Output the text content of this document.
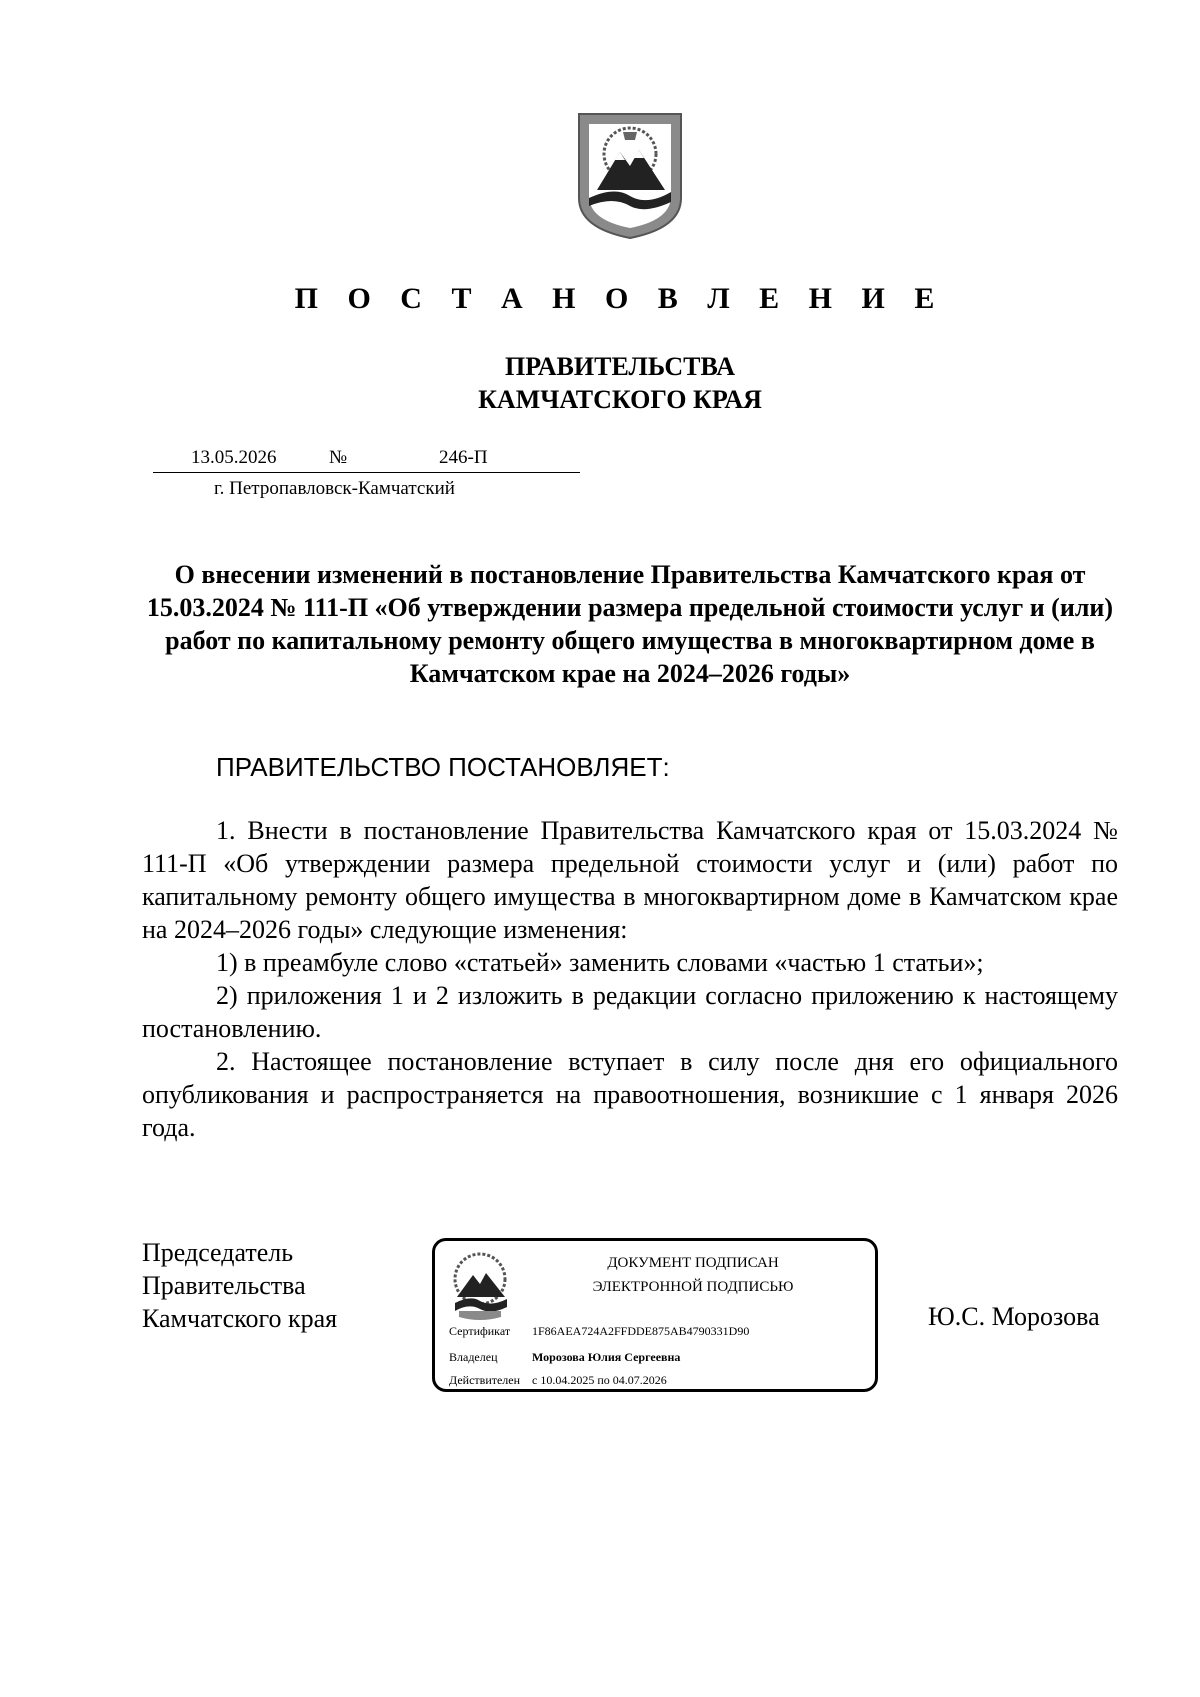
П О С Т А Н О В Л Е Н И Е
ПРАВИТЕЛЬСТВА
КАМЧАТСКОГО КРАЯ
13.05.2026	№	246-П
г. Петропавловск-Камчатский
О внесении изменений в постановление Правительства Камчатского края от 15.03.2024 № 111-П «Об утверждении размера предельной стоимости услуг и (или) работ по капитальному ремонту общего имущества в многоквартирном доме в Камчатском крае на 2024–2026 годы»
ПРАВИТЕЛЬСТВО ПОСТАНОВЛЯЕТ:

1. Внести в постановление Правительства Камчатского края от 15.03.2024 № 111-П «Об утверждении размера предельной стоимости услуг и (или) работ по капитальному ремонту общего имущества в многоквартирном доме в Камчатском крае на 2024–2026 годы» следующие изменения:

1) в преамбуле слово «статьей» заменить словами «частью 1 статьи»;

2) приложения 1 и 2 изложить в редакции согласно приложению к настоящему постановлению.

2. Настоящее постановление вступает в силу после дня его официального опубликования и распространяется на правоотношения, возникшие с 1 января 2026 года.

Председатель
Правительства
Камчатского края
ДОКУМЕНТ ПОДПИСАН
ЭЛЕКТРОННОЙ ПОДПИСЬЮ
Сертификат 1F86AEA724A2FFDDE875AB4790331D90
Владелец	Морозова Юлия Сергеевна
Действителен с 10.04.2025 по 04.07.2026
Ю.С. Морозова
